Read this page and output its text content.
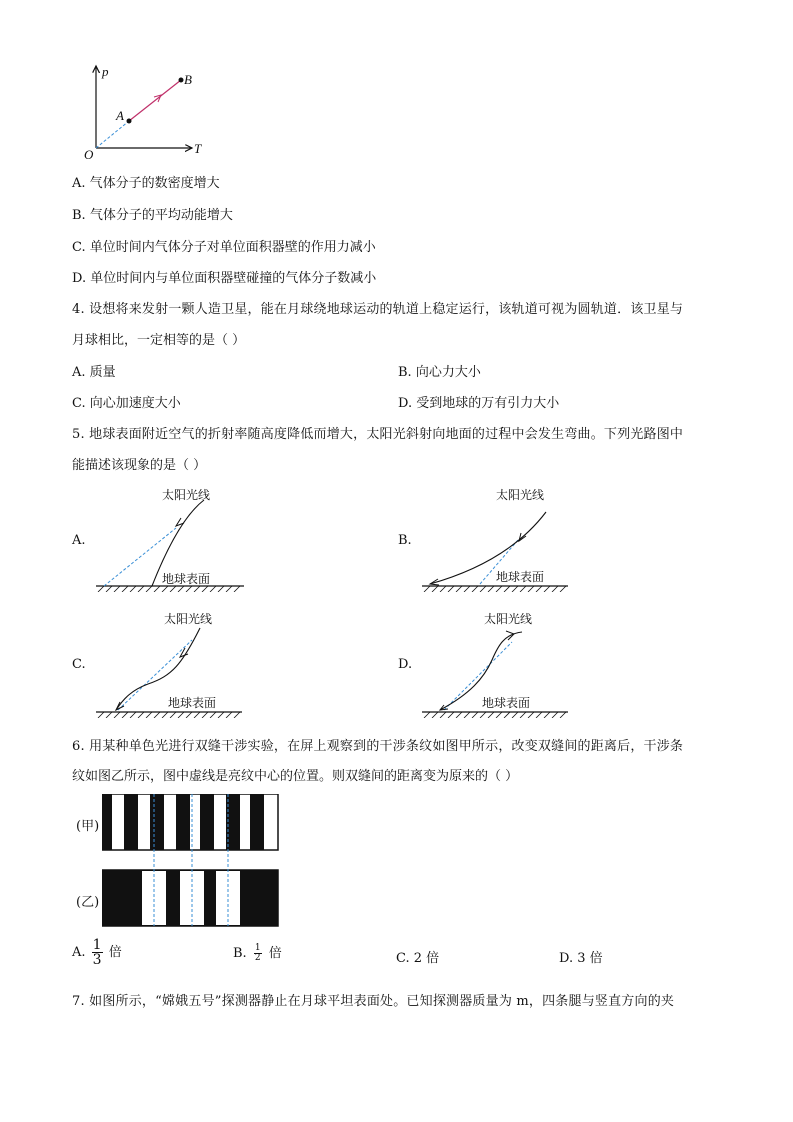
p
T
O
A
B
A. 气体分子的数密度增大
B. 气体分子的平均动能增大
C. 单位时间内气体分子对单位面积器壁的作用力减小
D. 单位时间内与单位面积器壁碰撞的气体分子数减小
4. 设想将来发射一颗人造卫星，能在月球绕地球运动的轨道上稳定运行，该轨道可视为圆轨道．该卫星与
月球相比，一定相等的是（ ）
A. 质量	B. 向心力大小
C. 向心加速度大小	D. 受到地球的万有引力大小
5. 地球表面附近空气的折射率随高度降低而增大，太阳光斜射向地面的过程中会发生弯曲。下列光路图中
能描述该现象的是（ ）
A.	B.
C.	D.
太阳光线
地球表面
太阳光线
地球表面
太阳光线
地球表面
太阳光线
地球表面
6. 用某种单色光进行双缝干涉实验，在屏上观察到的干涉条纹如图甲所示，改变双缝间的距离后，干涉条
纹如图乙所示，图中虚线是亮纹中心的位置。则双缝间的距离变为原来的（ ）
(甲)
(乙)
A. $\frac{1}{3}$ 倍	B. $\frac{1}{2}$ 倍	C. 2 倍	D. 3 倍
7. 如图所示，“嫦娥五号”探测器静止在月球平坦表面处。已知探测器质量为 m，四条腿与竖直方向的夹
